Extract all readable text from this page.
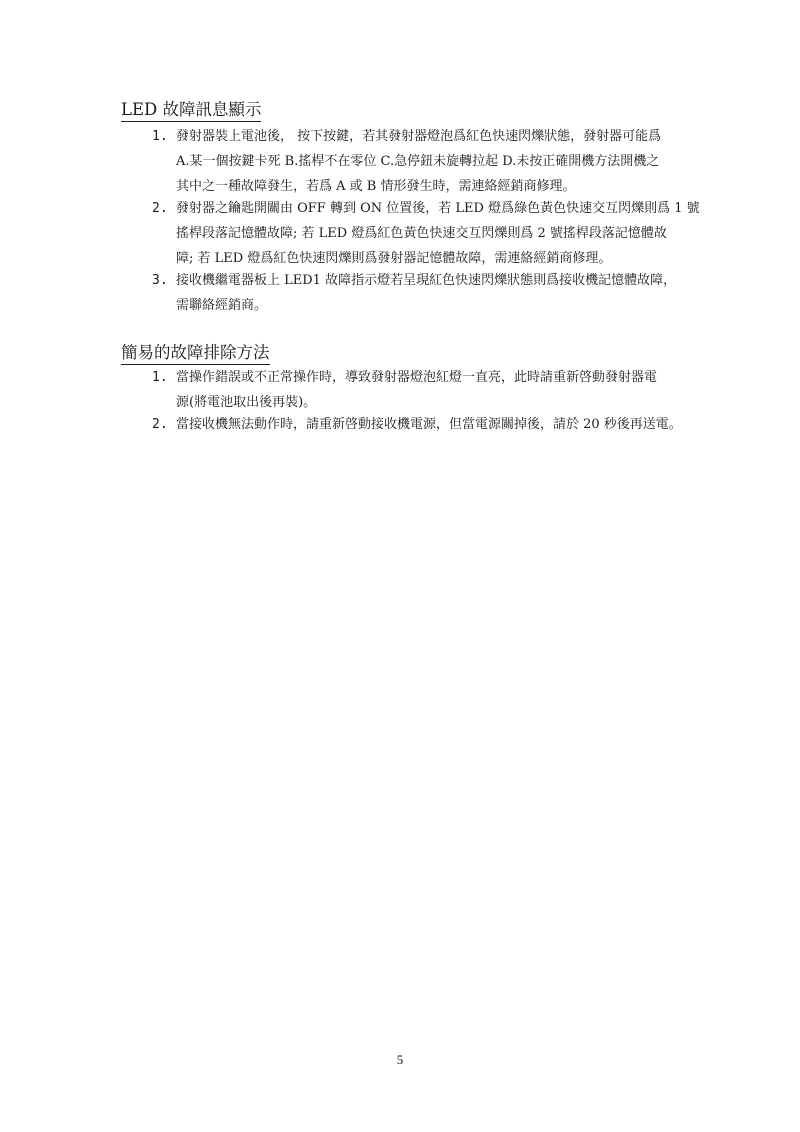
LED 故障訊息顯示
1. 發射器裝上電池後， 按下按鍵，若其發射器燈泡爲紅色快速閃爍狀態，發射器可能爲
A.某一個按鍵卡死 B.搖桿不在零位 C.急停鈕未旋轉拉起 D.未按正確開機方法開機之
其中之一種故障發生，若爲 A 或 B 情形發生時，需連絡經銷商修理。
2. 發射器之鑰匙開關由 OFF 轉到 ON 位置後，若 LED 燈爲綠色黃色快速交互閃爍則爲 1 號
搖桿段落記憶體故障; 若 LED 燈爲紅色黃色快速交互閃爍則爲 2 號搖桿段落記憶體故
障; 若 LED 燈爲紅色快速閃爍則爲發射器記憶體故障，需連絡經銷商修理。
3. 接收機繼電器板上 LED1 故障指示燈若呈現紅色快速閃爍狀態則爲接收機記憶體故障，
需聯絡經銷商。
簡易的故障排除方法
1. 當操作錯誤或不正常操作時，導致發射器燈泡紅燈一直亮，此時請重新啓動發射器電
源(將電池取出後再裝)。
2. 當接收機無法動作時，請重新啓動接收機電源，但當電源關掉後，請於 20 秒後再送電。
5
